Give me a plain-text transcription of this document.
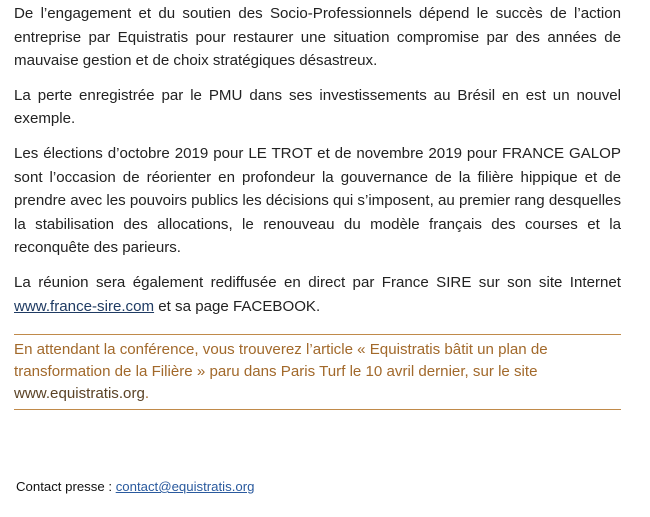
De l’engagement et du soutien des Socio-Professionnels dépend le succès de l’action entreprise par Equistratis pour restaurer une situation compromise par des années de mauvaise gestion et de choix stratégiques désastreux.

La perte enregistrée par le PMU dans ses investissements au Brésil en est un nouvel exemple.

Les élections d’octobre 2019 pour LE TROT et de novembre 2019 pour FRANCE GALOP sont l’occasion de réorienter en profondeur la gouvernance de la filière hippique et de prendre avec les pouvoirs publics les décisions qui s’imposent, au premier rang desquelles la stabilisation des allocations, le renouveau du modèle français des courses et la reconquête des parieurs.

La réunion sera également rediffusée en direct par France SIRE sur son site Internet www.france-sire.com et sa page FACEBOOK.

En attendant la conférence, vous trouverez l’article « Equistratis bâtit un plan de transformation de la Filière » paru dans Paris Turf le 10 avril dernier, sur le site www.equistratis.org.
Contact presse : contact@equistratis.org
